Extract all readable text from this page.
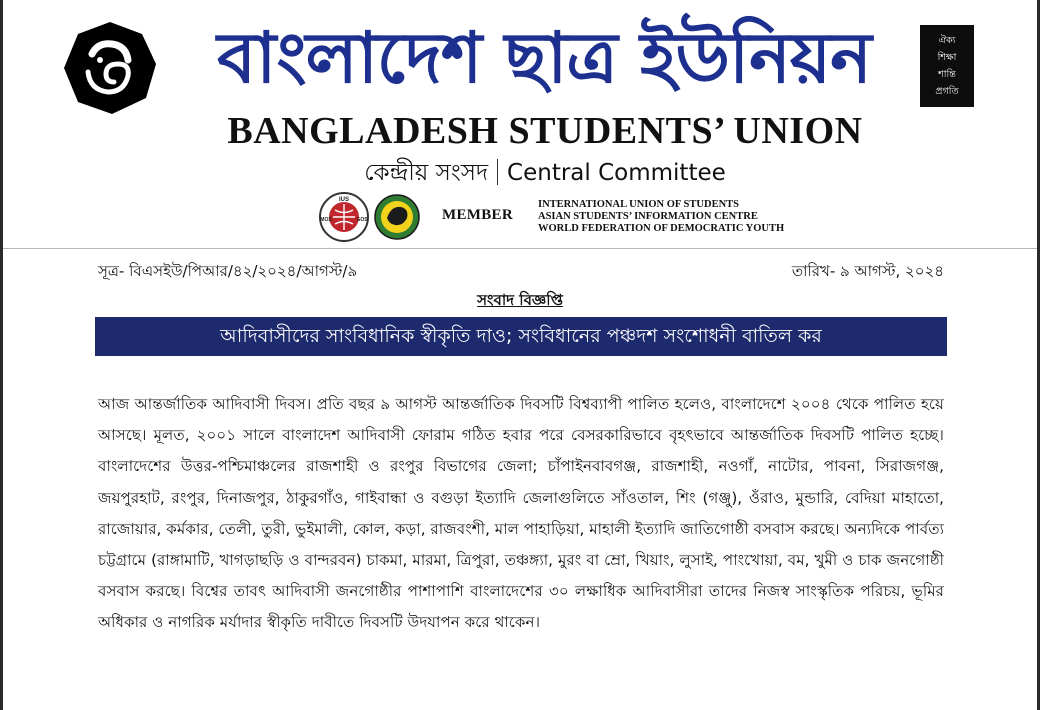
বাংলাদেশ ছাত্র ইউনিয়ন	ঐক্য
শিক্ষা
শান্তি
প্রগতি
BANGLADESH STUDENTS’ UNION
কেন্দ্রীয় সংসদ Central Committee
IUS
MOS	GOS	MEMBER
INTERNATIONAL UNION OF STUDENTS
ASIAN STUDENTS’ INFORMATION CENTRE
WORLD FEDERATION OF DEMOCRATIC YOUTH
সূত্র- বিএসইউ/পিআর/৪২/২০২৪/আগস্ট/৯	তারিখ- ৯ আগস্ট, ২০২৪
সংবাদ বিজ্ঞপ্তি
আদিবাসীদের সাংবিধানিক স্বীকৃতি দাও; সংবিধানের পঞ্চদশ সংশোধনী বাতিল কর
আজ আন্তর্জাতিক আদিবাসী দিবস। প্রতি বছর ৯ আগস্ট আন্তর্জাতিক দিবসটি বিশ্বব্যাপী পালিত হলেও, বাংলাদেশে ২০০৪ থেকে পালিত হয়ে আসছে। মূলত, ২০০১ সালে বাংলাদেশ আদিবাসী ফোরাম গঠিত হবার পরে বেসরকারিভাবে বৃহৎভাবে আন্তর্জাতিক দিবসটি পালিত হচ্ছে। বাংলাদেশের উত্তর-পশ্চিমাঞ্চলের রাজশাহী ও রংপুর বিভাগের জেলা; চাঁপাইনবাবগঞ্জ, রাজশাহী, নওগাঁ, নাটোর, পাবনা, সিরাজগঞ্জ, জয়পুরহাট, রংপুর, দিনাজপুর, ঠাকুরগাঁও, গাইবান্ধা ও বগুড়া ইত্যাদি জেলাগুলিতে সাঁওতাল, শিং (গঞ্জু), ওঁরাও, মুন্ডারি, বেদিয়া মাহাতো, রাজোয়ার, কর্মকার, তেলী, তুরী, ভুইমালী, কোল, কড়া, রাজবংশী, মাল পাহাড়িয়া, মাহালী ইত্যাদি জাতিগোষ্ঠী বসবাস করছে। অন্যদিকে পার্বত্য চট্টগ্রামে (রাঙ্গামাটি, খাগড়াছড়ি ও বান্দরবন) চাকমা, মারমা, ত্রিপুরা, তঞ্চঙ্গ্যা, মুরং বা ম্রো, খিয়াং, লুসাই, পাংখোয়া, বম, খুমী ও চাক জনগোষ্ঠী বসবাস করছে। বিশ্বের তাবৎ আদিবাসী জনগোষ্ঠীর পাশাপাশি বাংলাদেশের ৩০ লক্ষাধিক আদিবাসীরা তাদের নিজস্ব সাংস্কৃতিক পরিচয়, ভূমির অধিকার ও নাগরিক মর্যাদার স্বীকৃতি দাবীতে দিবসটি উদযাপন করে থাকেন।
